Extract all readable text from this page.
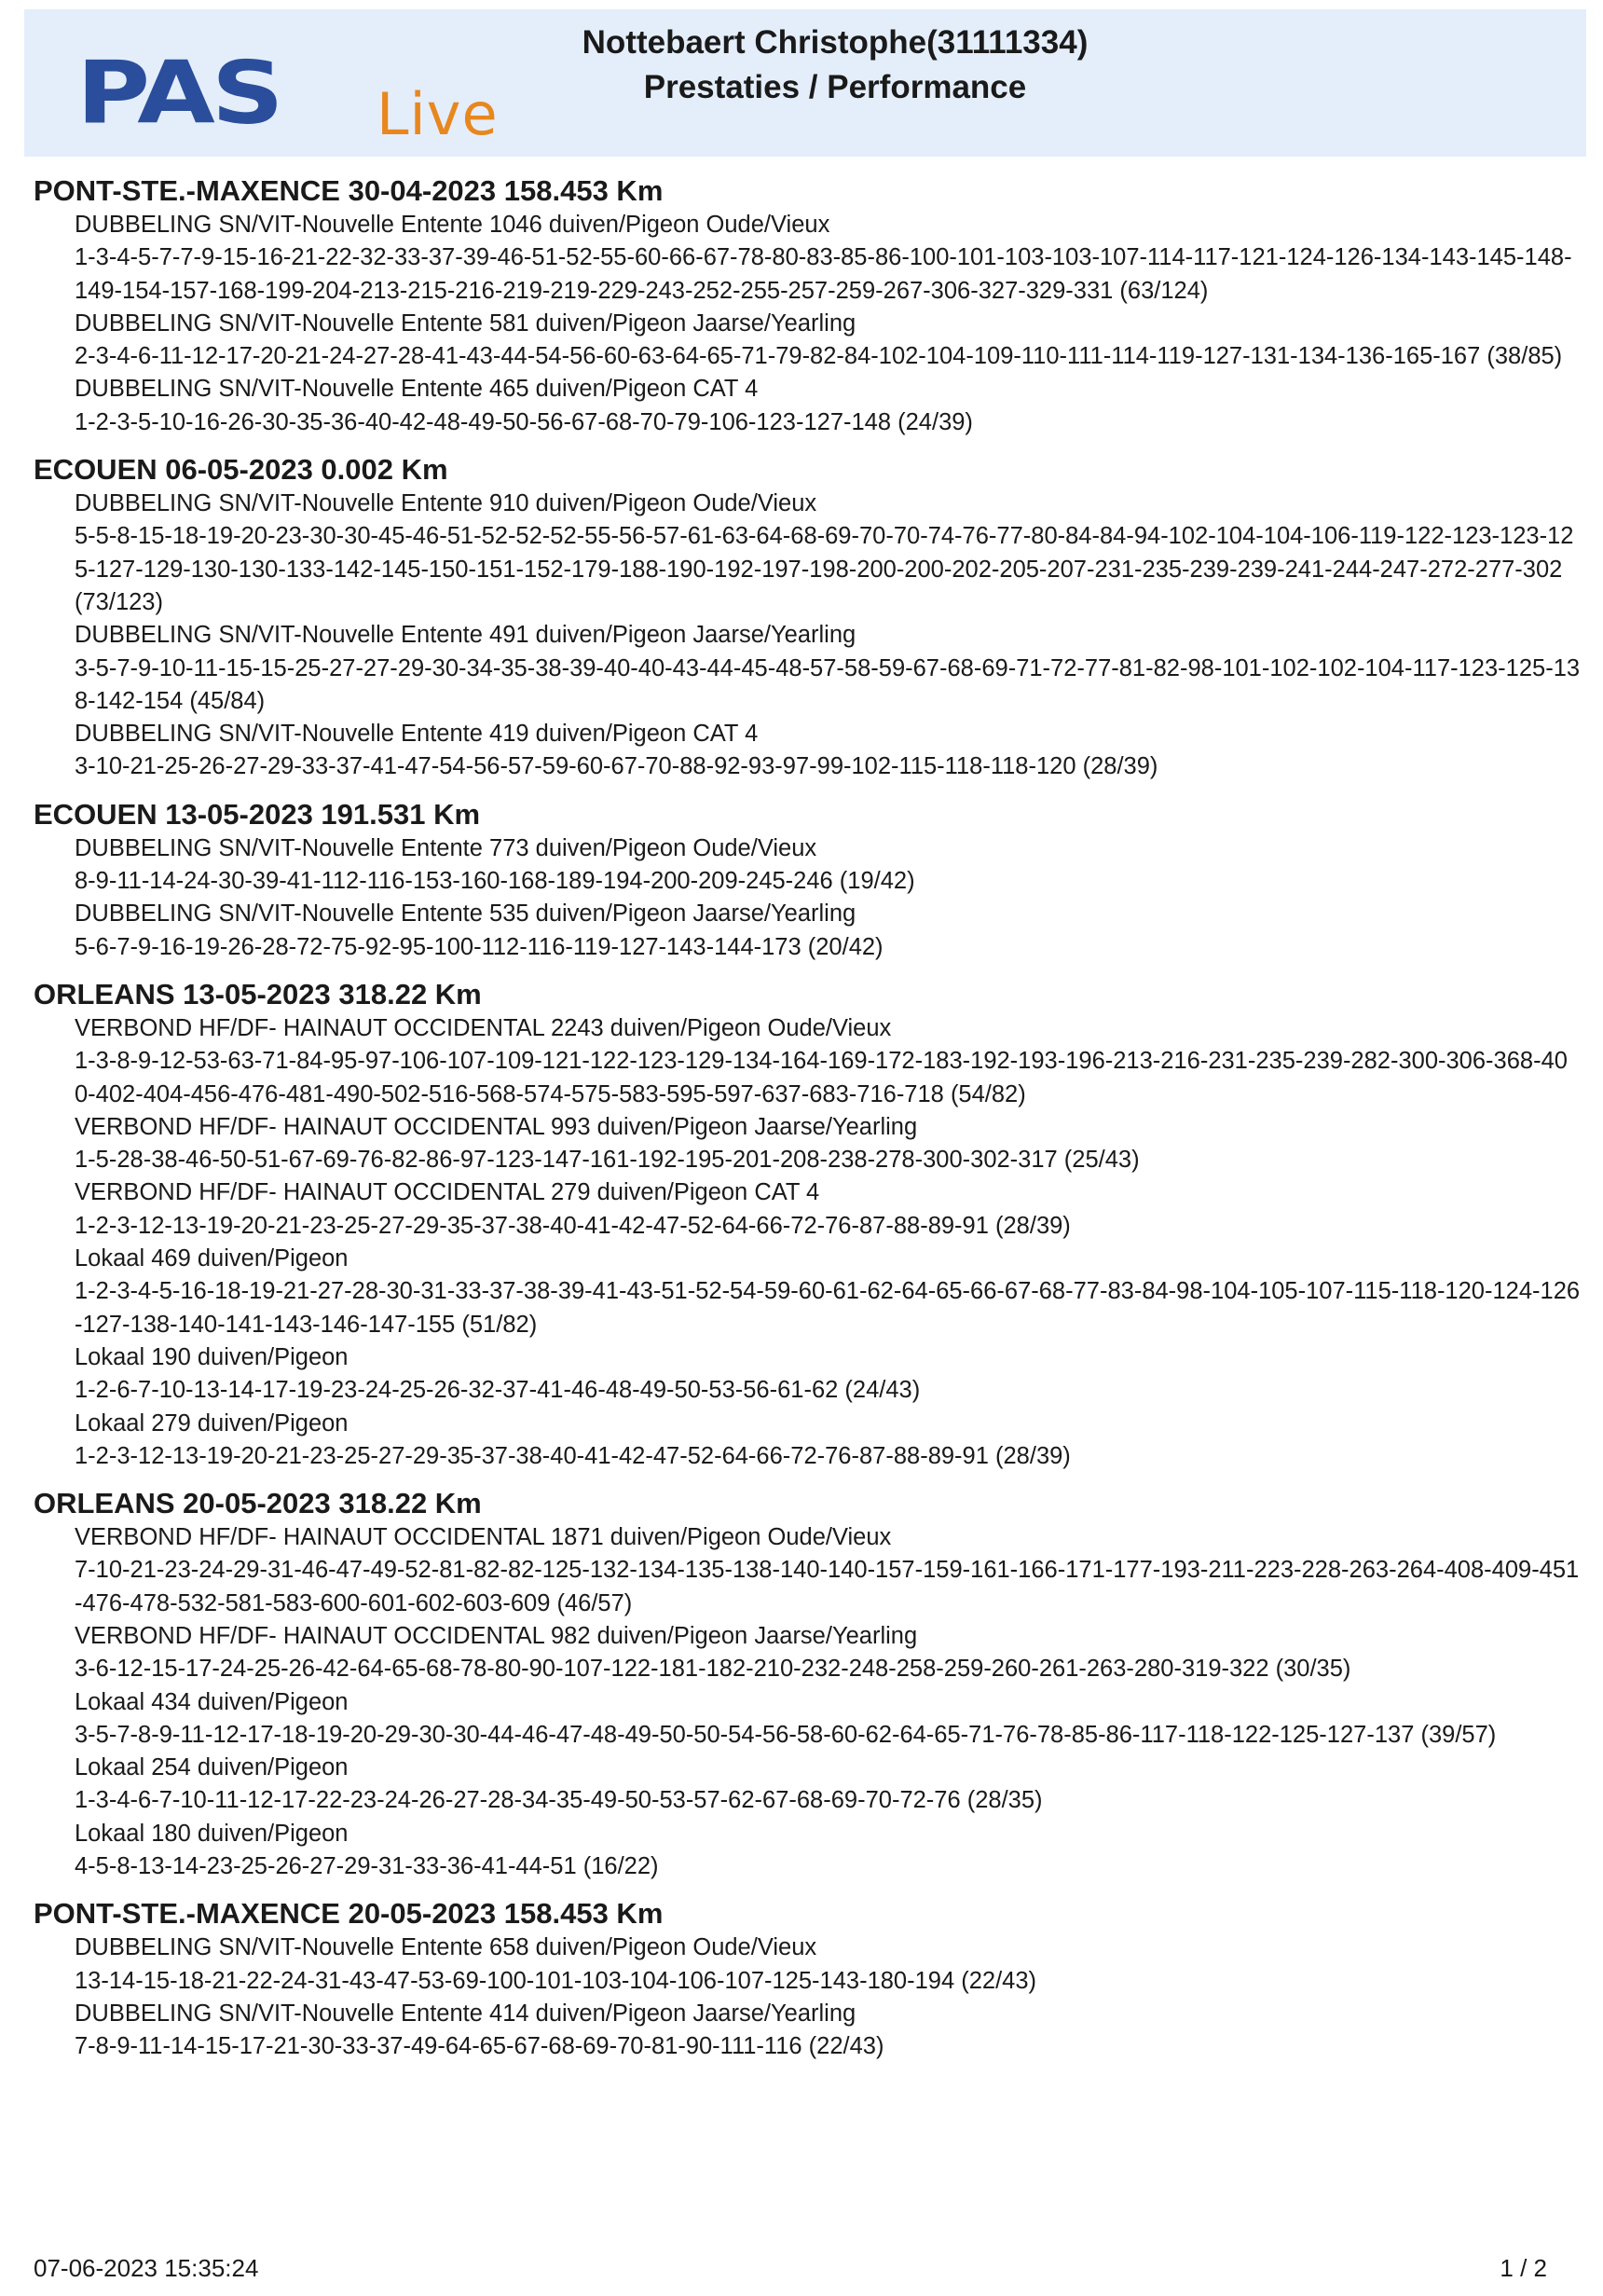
PAS Live
Nottebaert Christophe(31111334)
Prestaties / Performance
PONT-STE.-MAXENCE 30-04-2023 158.453 Km
DUBBELING SN/VIT-Nouvelle Entente 1046 duiven/Pigeon Oude/Vieux
1-3-4-5-7-7-9-15-16-21-22-32-33-37-39-46-51-52-55-60-66-67-78-80-83-85-86-100-101-103-103-107-114-117-121-124-126-134-143-145-148-149-154-157-168-199-204-213-215-216-219-219-229-243-252-255-257-259-267-306-327-329-331 (63/124)
DUBBELING SN/VIT-Nouvelle Entente 581 duiven/Pigeon Jaarse/Yearling
2-3-4-6-11-12-17-20-21-24-27-28-41-43-44-54-56-60-63-64-65-71-79-82-84-102-104-109-110-111-114-119-127-131-134-136-165-167 (38/85)
DUBBELING SN/VIT-Nouvelle Entente 465 duiven/Pigeon CAT 4
1-2-3-5-10-16-26-30-35-36-40-42-48-49-50-56-67-68-70-79-106-123-127-148 (24/39)
ECOUEN 06-05-2023 0.002 Km
DUBBELING SN/VIT-Nouvelle Entente 910 duiven/Pigeon Oude/Vieux
5-5-8-15-18-19-20-23-30-30-45-46-51-52-52-52-55-56-57-61-63-64-68-69-70-70-74-76-77-80-84-84-94-102-104-104-106-119-122-123-123-125-127-129-130-130-133-142-145-150-151-152-179-188-190-192-197-198-200-200-202-205-207-231-235-239-239-241-244-247-272-277-302 (73/123)
DUBBELING SN/VIT-Nouvelle Entente 491 duiven/Pigeon Jaarse/Yearling
3-5-7-9-10-11-15-15-25-27-27-29-30-34-35-38-39-40-40-43-44-45-48-57-58-59-67-68-69-71-72-77-81-82-98-101-102-102-104-117-123-125-138-142-154 (45/84)
DUBBELING SN/VIT-Nouvelle Entente 419 duiven/Pigeon CAT 4
3-10-21-25-26-27-29-33-37-41-47-54-56-57-59-60-67-70-88-92-93-97-99-102-115-118-118-120 (28/39)
ECOUEN 13-05-2023 191.531 Km
DUBBELING SN/VIT-Nouvelle Entente 773 duiven/Pigeon Oude/Vieux
8-9-11-14-24-30-39-41-112-116-153-160-168-189-194-200-209-245-246 (19/42)
DUBBELING SN/VIT-Nouvelle Entente 535 duiven/Pigeon Jaarse/Yearling
5-6-7-9-16-19-26-28-72-75-92-95-100-112-116-119-127-143-144-173 (20/42)
ORLEANS 13-05-2023 318.22 Km
VERBOND HF/DF- HAINAUT OCCIDENTAL 2243 duiven/Pigeon Oude/Vieux
1-3-8-9-12-53-63-71-84-95-97-106-107-109-121-122-123-129-134-164-169-172-183-192-193-196-213-216-231-235-239-282-300-306-368-400-402-404-456-476-481-490-502-516-568-574-575-583-595-597-637-683-716-718 (54/82)
VERBOND HF/DF- HAINAUT OCCIDENTAL 993 duiven/Pigeon Jaarse/Yearling
1-5-28-38-46-50-51-67-69-76-82-86-97-123-147-161-192-195-201-208-238-278-300-302-317 (25/43)
VERBOND HF/DF- HAINAUT OCCIDENTAL 279 duiven/Pigeon CAT 4
1-2-3-12-13-19-20-21-23-25-27-29-35-37-38-40-41-42-47-52-64-66-72-76-87-88-89-91 (28/39)
Lokaal 469 duiven/Pigeon
1-2-3-4-5-16-18-19-21-27-28-30-31-33-37-38-39-41-43-51-52-54-59-60-61-62-64-65-66-67-68-77-83-84-98-104-105-107-115-118-120-124-126-127-138-140-141-143-146-147-155 (51/82)
Lokaal 190 duiven/Pigeon
1-2-6-7-10-13-14-17-19-23-24-25-26-32-37-41-46-48-49-50-53-56-61-62 (24/43)
Lokaal 279 duiven/Pigeon
1-2-3-12-13-19-20-21-23-25-27-29-35-37-38-40-41-42-47-52-64-66-72-76-87-88-89-91 (28/39)
ORLEANS 20-05-2023 318.22 Km
VERBOND HF/DF- HAINAUT OCCIDENTAL 1871 duiven/Pigeon Oude/Vieux
7-10-21-23-24-29-31-46-47-49-52-81-82-82-125-132-134-135-138-140-140-157-159-161-166-171-177-193-211-223-228-263-264-408-409-451-476-478-532-581-583-600-601-602-603-609 (46/57)
VERBOND HF/DF- HAINAUT OCCIDENTAL 982 duiven/Pigeon Jaarse/Yearling
3-6-12-15-17-24-25-26-42-64-65-68-78-80-90-107-122-181-182-210-232-248-258-259-260-261-263-280-319-322 (30/35)
Lokaal 434 duiven/Pigeon
3-5-7-8-9-11-12-17-18-19-20-29-30-30-44-46-47-48-49-50-50-54-56-58-60-62-64-65-71-76-78-85-86-117-118-122-125-127-137 (39/57)
Lokaal 254 duiven/Pigeon
1-3-4-6-7-10-11-12-17-22-23-24-26-27-28-34-35-49-50-53-57-62-67-68-69-70-72-76 (28/35)
Lokaal 180 duiven/Pigeon
4-5-8-13-14-23-25-26-27-29-31-33-36-41-44-51 (16/22)
PONT-STE.-MAXENCE 20-05-2023 158.453 Km
DUBBELING SN/VIT-Nouvelle Entente 658 duiven/Pigeon Oude/Vieux
13-14-15-18-21-22-24-31-43-47-53-69-100-101-103-104-106-107-125-143-180-194 (22/43)
DUBBELING SN/VIT-Nouvelle Entente 414 duiven/Pigeon Jaarse/Yearling
7-8-9-11-14-15-17-21-30-33-37-49-64-65-67-68-69-70-81-90-111-116 (22/43)
07-06-2023 15:35:24	1 / 2
